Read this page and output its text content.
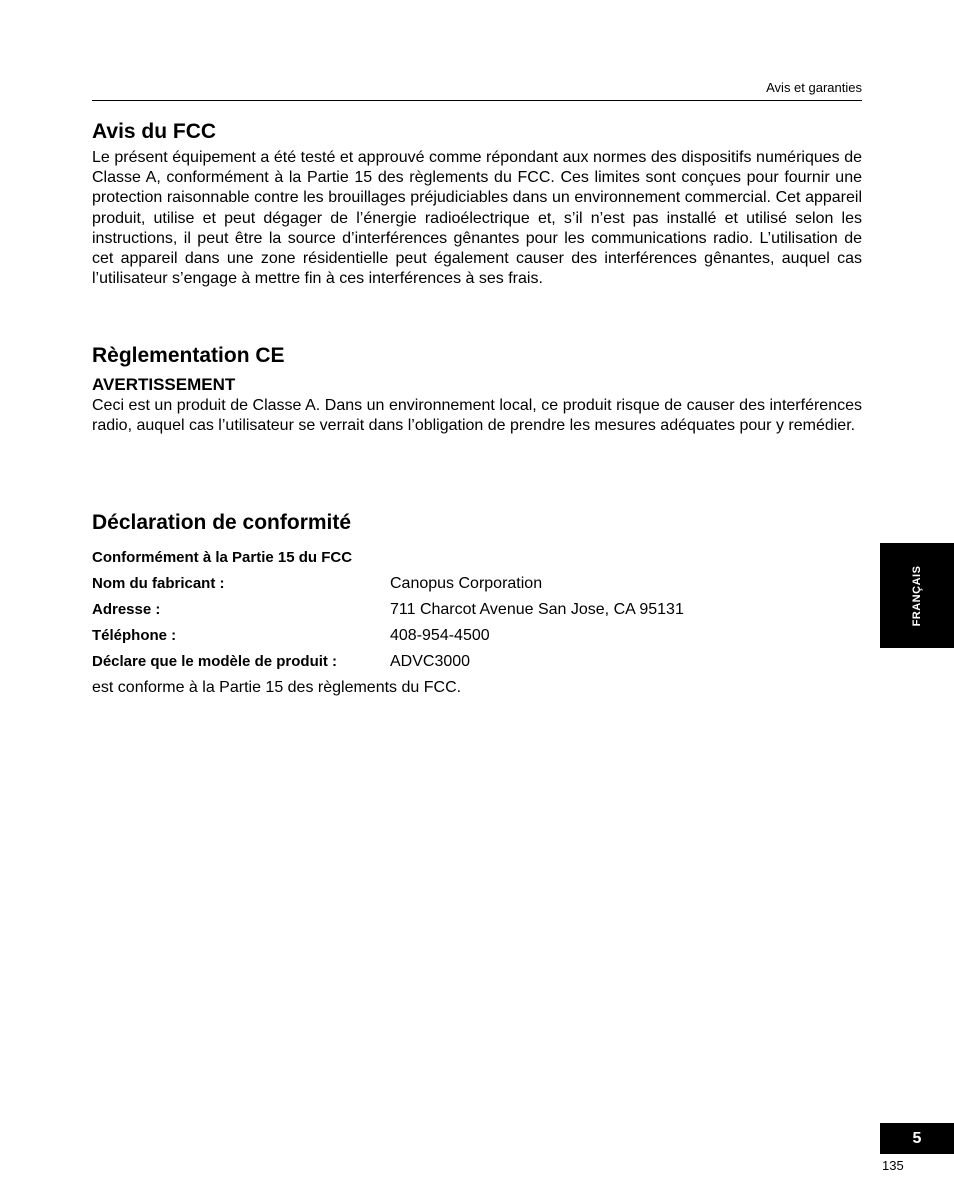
Avis et garanties
Avis du FCC

Le présent équipement a été testé et approuvé comme répondant aux normes des dispositifs numériques de Classe A, conformément à la Partie 15 des règlements du FCC. Ces limites sont conçues pour fournir une protection raisonnable contre les brouillages préjudiciables dans un environnement commercial. Cet appareil produit, utilise et peut dégager de l’énergie radioélectrique et, s’il n’est pas installé et utilisé selon les instructions, il peut être la source d’interférences gênantes pour les communications radio. L’utilisation de cet appareil dans une zone résidentielle peut également causer des interférences gênantes, auquel cas l’utilisateur s’engage à mettre fin à ces interférences à ses frais.

Règlementation CE
AVERTISSEMENT

Ceci est un produit de Classe A. Dans un environnement local, ce produit risque de causer des interférences radio, auquel cas l’utilisateur se verrait dans l’obligation de prendre les mesures adéquates pour y remédier.

Déclaration de conformité
Conformément à la Partie 15 du FCC
Nom du fabricant :	Canopus Corporation
Adresse :	711 Charcot Avenue San Jose, CA 95131
Téléphone :	408-954-4500
Déclare que le modèle de produit :	ADVC3000
est conforme à la Partie 15 des règlements du FCC.
FRANÇAIS
5
135
